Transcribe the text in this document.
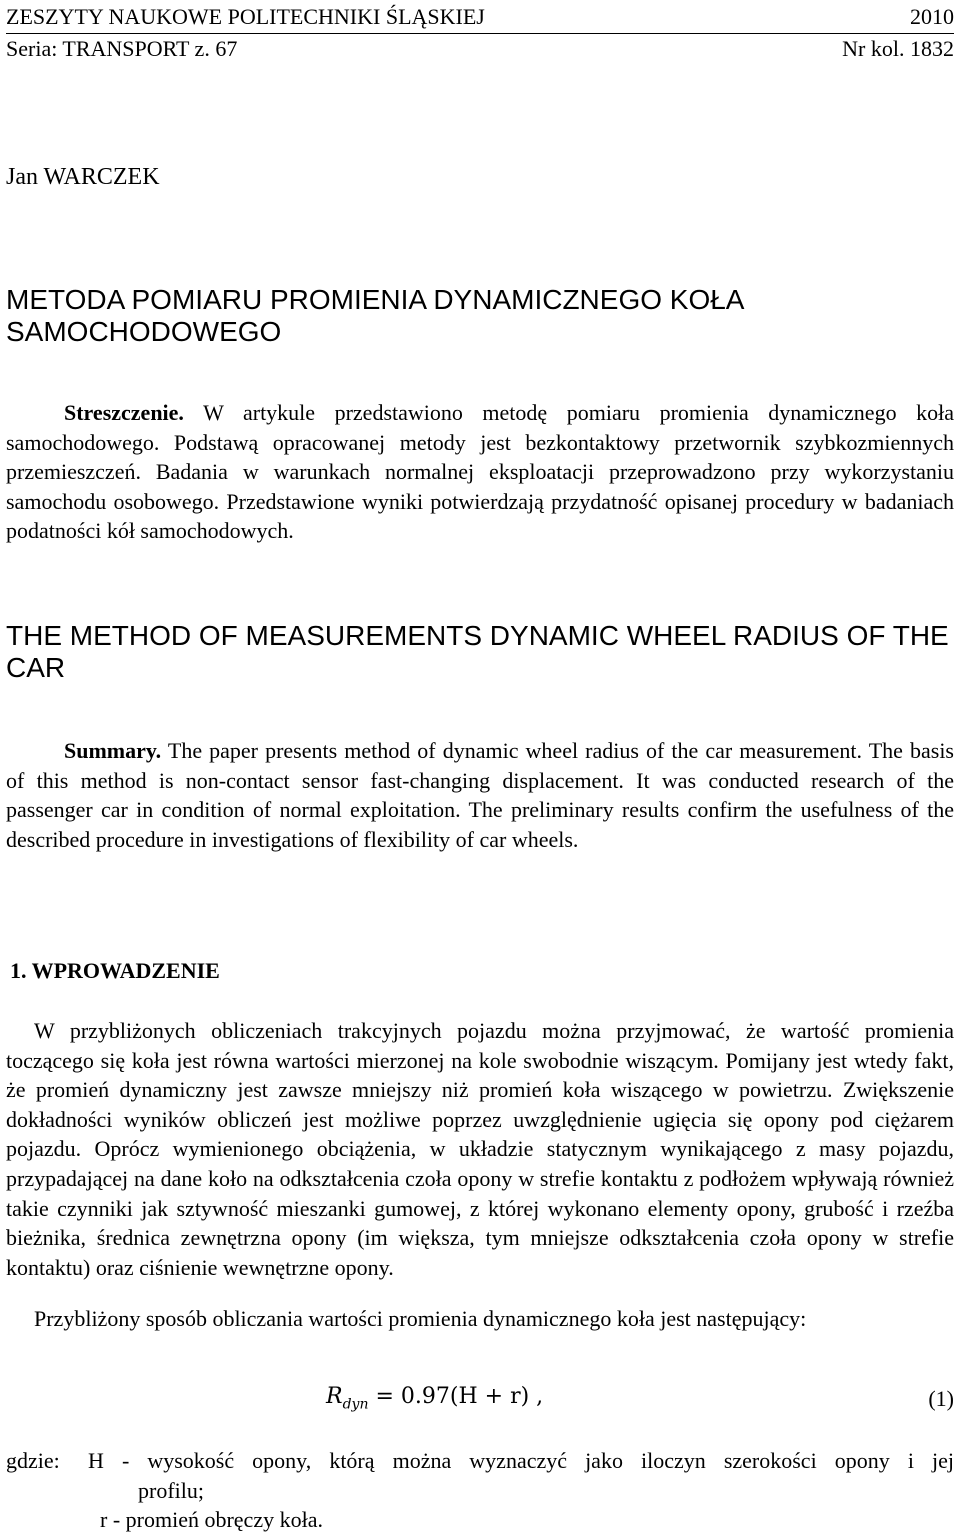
ZESZYTY NAUKOWE POLITECHNIKI ŚLĄSKIEJ	2010
Seria: TRANSPORT z. 67	Nr kol. 1832
Jan WARCZEK
METODA POMIARU PROMIENIA DYNAMICZNEGO KOŁA SAMOCHODOWEGO
Streszczenie. W artykule przedstawiono metodę pomiaru promienia dynamicznego koła samochodowego. Podstawą opracowanej metody jest bezkontaktowy przetwornik szybkozmiennych przemieszczeń. Badania w warunkach normalnej eksploatacji przeprowadzono przy wykorzystaniu samochodu osobowego. Przedstawione wyniki potwierdzają przydatność opisanej procedury w badaniach podatności kół samochodowych.
THE METHOD OF MEASUREMENTS DYNAMIC WHEEL RADIUS OF THE CAR
Summary. The paper presents method of dynamic wheel radius of the car measurement. The basis of this method is non-contact sensor fast-changing displacement. It was conducted research of the passenger car in condition of normal exploitation. The preliminary results confirm the usefulness of the described procedure in investigations of flexibility of car wheels.
1. WPROWADZENIE
W przybliżonych obliczeniach trakcyjnych pojazdu można przyjmować, że wartość promienia toczącego się koła jest równa wartości mierzonej na kole swobodnie wiszącym. Pomijany jest wtedy fakt, że promień dynamiczny jest zawsze mniejszy niż promień koła wiszącego w powietrzu. Zwiększenie dokładności wyników obliczeń jest możliwe poprzez uwzględnienie ugięcia się opony pod ciężarem pojazdu. Oprócz wymienionego obciążenia, w układzie statycznym wynikającego z masy pojazdu, przypadającej na dane koło na odkształcenia czoła opony w strefie kontaktu z podłożem wpływają również takie czynniki jak sztywność mieszanki gumowej, z której wykonano elementy opony, grubość i rzeźba bieżnika, średnica zewnętrzna opony (im większa, tym mniejsze odkształcenia czoła opony w strefie kontaktu) oraz ciśnienie wewnętrzne opony.
Przybliżony sposób obliczania wartości promienia dynamicznego koła jest następujący:
$R_{dyn} = 0.97(H + r)$ ,	(1)
gdzie: H - wysokość opony, którą można wyznaczyć jako iloczyn szerokości opony i jej
profilu;
r - promień obręczy koła.
